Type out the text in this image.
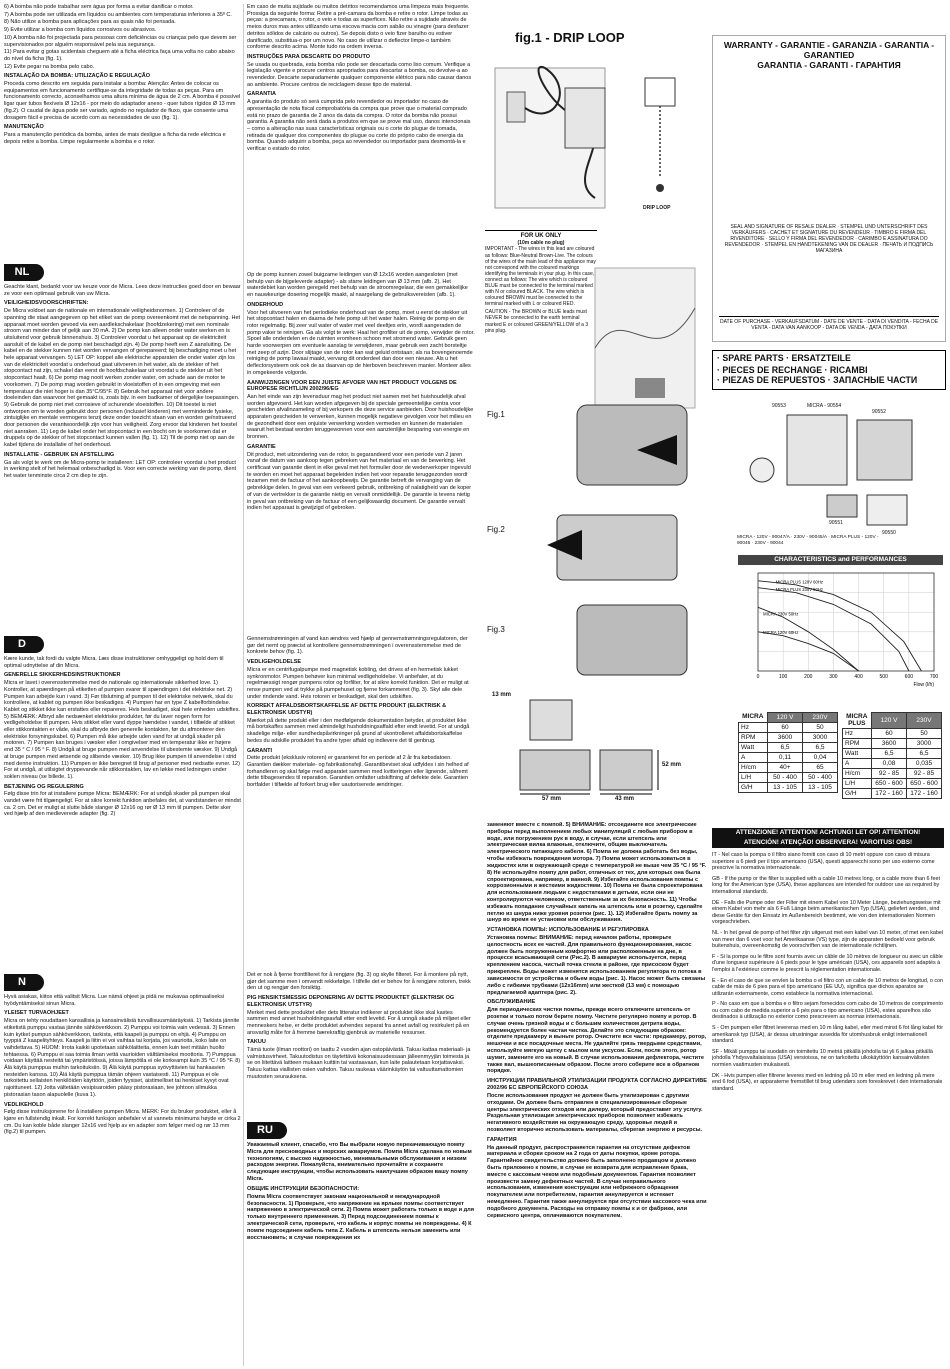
6) A bomba não pode trabalhar sem água por forma a evitar danificar o motor.
7) A bomba pode ser utilizada em líquidos ou ambientes com temperaturas inferiores a 35º C.
8) Não utilize a bomba para aplicações para as quais não foi pensada.
9) Evite utilizar a bomba com líquidos corrosivos ou abrasivos.
10) A bomba não foi projectada para pessoas com deficiências ou crianças pelo que devem ser supervisionados por alguém responsável pela sua segurança.
11) Para evitar g gotas acidentais cheguem até a ficha eléctrica faça uma volta no cabo abaixo do nível da ficha (fig. 1).
12) Evite pegar na bomba pelo cabo.
INSTALAÇÃO DA BOMBA: UTILIZAÇÃO E REGULAÇÃO
Proceda como descrito em seguida para instalar a bomba: Atenção: Antes de colocar os equipamentos em funcionamento certifique-se da integridade de todas as peças. Para um funcionamento correcto, aconselhamos uma altura mínima de água de 2 cm. A bomba é possível ligar quer tubos flexíveis Ø 12x16 - por meio do adaptador anexo - quer tubos rígidos Ø 13 mm (fig.2). O caudal de água pode ser variado, agindo no regulador de fluxo, que consente uma dosagem fácil e precisa de acordo com as necessidades de uso (fig. 1).
MANUTENÇÃO
Para a manutenção periódica da bomba, antes de mais desligue a ficha da rede eléctrica e depois retire a bomba. Limpe regularmente a bomba e o rotor.
NL
Geachte klant, bedankt voor uw keuze voor de Micra. Lees deze instructies goed door en bewaar ze voor een optimaal gebruik van uw Micra.
VEILIGHEIDSVOORSCHRIFTEN:
De Micra voldoet aan de nationale en internationale veiligheidsnormen. 1) Controleer of de spanning die staat aangegeven op het etiket van de pomp overeenkomt met de netspanning. Het apparaat moet worden gevoed via een aardlekschakelaar (hoofdzekering) met een nominale stroom van minder dan of gelijk aan 30 mA. 2) De pomp kan alleen onder water werken en is uitsluitend voor gebruik binnenshuis. 3) Controleer voordat u het apparaat op de elektriciteit aansluit of de kabel en de pomp niet beschadigd zijn. 4) De pomp heeft een Z aansluiting. De kabel en de stekker kunnen niet worden vervangen of gerepareerd; bij beschadiging moet u het hele apparaat vervangen. 5) LET OP: koppel alle elektrische apparaten die onder water zijn los van de elektriciteit voordat u onderhoud gaat uitvoeren in het water, als de stekker of het stopcontact nat zijn, schakel dan eerst de hoofdschakelaar uit voordat u de stekker uit het stopcontact haalt. 6) De pomp mag nooit werken zonder water, om schade aan de motor te voorkomen. 7) De pomp mag worden gebruikt in vloeistoffen of in een omgeving met een temperatuur die niet hoger is dan 35°C/95°F. 8) Gebruik het apparaat niet voor andere doeleinden dan waarvoor het gemaakt is, zoals bijv. in een badkamer of dergelijke toepassingen. 9) Gebruik de pomp niet met corrosieve of schurende vloeistoffen. 10) Dit toestel is niet ontworpen om te worden gebruikt door personen (inclusief kinderen) met verminderde fysieke, zintuiglijke en mentale vermogens tenzij deze onder toezicht staan van en worden geïnstrueerd door personen die verantwoordelijk zijn voor hun veiligheid. Zorg ervoor dat kinderen het toestel niet aanraken. 11) Leg de kabel onder het stopcontact in een bocht om te voorkomen dat er druppels op de stekker of het stopcontact kunnen vallen (fig. 1). 12) Til de pomp niet op aan de kabel tijdens de installatie of het onderhoud.
INSTALLATIE - GEBRUIK EN AFSTELLING
Ga als volgt te werk om de Micra-pomp te installeren: LET OP: controleer voordat u het product in werking stelt of het helemaal onbeschadigd is. Voor een correcte werking van de pomp, dient het water tenminste circa 2 cm diep te zijn.
D
Kære kunde, tak fordi du valgte Micra. Læs disse instruktioner omhyggeligt og hold dem til optimal udnyttelse af din Micra.
GENERELLE SIKKERHEDSINSTRUKTIONER
Micra er lavet i overensstemmelse med de nationale og internationale sikkerhed love. 1) Kontroller, at spændingen på etiketten af pumpen svarer til spændingen i det elektriske net. 2) Pumpen kan arbejde kun i vand. 3) Før tilslutning af pumpen til det elektriske netværk, skal du kontrollere, at kablet og pumpen ikke beskadiges. 4) Pumpen har en type Z kabelforbindelse. Kablet og stikket ikke kan erstattes eller repareres. Hvis beskadiget, skal hele enheden udskiftes. 5) BEMÆRK: Afbryd alle nedsænket elektriske produkter, før du laver nogen form for vedligeholdelse til pumpen. Hvis stikket eller vand dyppe hændelse i vandet, i tilfælde af stikket eller stikkontakten er våde, skal du afbryde den generelle kontakten, før du afmonterer den elektriske forsyningskabel. 6) Pumpen må ikke arbejde uden vand for at undgå skader på motoren. 7) Pumpen kan bruges i væsker eller i omgivelser med en temperatur ikke er højere end 35 ° C / 95 ° F. 8) Undgå at bruge pumpen med anvendelse til ubestemte væsker. 9) Undgå at bruge pumpen med ætsende og slibende væsker. 10) Brug ikke pumpen til anvendelse i strid med denne instruktion. 11) Pumpen er ikke beregnet til brug af personer med nedsatte evner. 12) For at undgå, at utilsigtet dryppevande når stikkontakten, lav en løkke med ledningen under soklen niveau (se billede. 1).
BETJENING OG REGULERING
Følg disse trin for at installere pumpe Micra: BEMÆRK: For at undgå skader på pumpen skal vandet være frit tilgængeligt. For at sikre korrekt funktion anbefales det, at vandstanden er mindst ca. 2 cm. Det er muligt at slutte både slanger Ø 12x16 og rør Ø 13 mm til pumpen. Dette sker ved hjælp af den medleverede adapter (fig. 2)
N
Hyvä asiakas, kiitos että valitsit Micra. Lue nämä ohjeet ja pidä ne mukavaa optimaaliseksi hyödyntämiseksi sinun Micra.
YLEISET TURVAOHJEET
Micra on tehty noudattaen kansallisia ja kansainvälisiä turvallisuusmääräyksiä. 1) Tarkista jännite etiketistä pumppu vastaa jännite sähköverkkoon. 2) Pumppu voi toimia vain vedessä. 3) Ennen kuin kytket pumpun sähköverkkoon, tarkista, että kaapeli ja pumppu on ehjä. 4) Pumppu on tyyppiä Z kaapelityhteys. Kaapeli ja liitin ei voi vaihtaa tai korjata, jos vaurioita, koko laite on vaihdettava. 5) HUOM: Irrota kaikki upotetaan sähkölaitteita, ennen kuin teet mitään huolto tehtaessa. 6) Pumppu ei saa toimia ilman vettä vaurioiden välttämiseksi moottoria. 7) Pumppua voidaan käyttää nesteitä tai ympäristöissä, joissa lämpötila ei ole korkeampi kuin 35 °C / 95 °F. 8) Älä käytä pumppua muihin tarkoituksiin. 9) Älä käytä pumppua syövyttävien tai hankaavien nesteiden kanssa. 10) Älä käytä pumppua tämän ohjeen vastaisesti. 11) Pumppua ei ole tarkoitettu sellaisten henkilöiden käyttöön, joiden fyysiset, aistimelliset tai henkiset kyvyt ovat rajoittuneet. 12) Jotta vältetään vesipisaroiden pääsy pistorasiaan, tee johtoon silmukka pistorasian tason alapuolelle (kuva 1).
VEDLIKEHOLD
Følg disse instruksjonene for å installere pumpen Micra. MERK: For du bruker produktet, eller å kjøre en fullstendig inkalt. For korrekt funksjon anbefaler vi at vannets minimums høyde er cirka 2 cm. Du kan koble både slanger 12x16 ved hjelp av en adapter som følger med og rør 13 mm (fig.2) til pumpen.
Em caso de muita sujidade ou muitos detritos recomendamos uma limpeza mais frequente. Prossiga da seguinte forma: Retire a pré-camara da bomba e retire o rotor. Limpe todas as peças: a precamara, o rotor, o veio e todas as superfices. Não retire a sujidade através de meios duros mas antes utilizando uma escova macia com sabão ou vinagre (para desfazer detritos sólidos de calcário ou outros). Se depois disto o veio fizer barulho ou estiver danificado, substitua-o por um novo. No caso de utilizar o deflector limpe-o também conforme descrito acima. Monte tudo na ordem inversa.
INSTRUÇÕES PARA DESCARTE DO PRODUTO
Se usada ou quebrada, esta bomba não pode ser descartada como lixo comum. Verifique a legislação vigente e procure centros apropriados para descartar a bomba, ou devolve-a ao revendedor. Descarte separadamente qualquer componente elétrico para não causar danos ao ambiente. Procure centros de reciclagem desse tipo de material.
GARANTIA
A garantia do produto só será cumprida pelo revendedor ou importador no caso de apresentação de nota fiscal comprobatória da compra que prove que o material comprado está no prazo de garantia de 2 anos da data da compra. O rotor da bomba não possui garantia. A garantia não será dada a produtos em que se prove mal uso, danos intencionais – como a alteração nas suas características originais ou o corte do plugue de tomada, retirada de qualquer dos componentes do plugue ou corte do próprio cabo de energia da bomba. Quando adquirir a bomba, peça ao revendedor ou importador para desmontá-la e verificar o estado do rotor.
Op de pomp kunnen zowel buigzame leidingen van Ø 12x16 worden aangesloten (met behulp van de bijgeleverde adapter) - als starre leidingen van Ø 13 mm (afb. 2). Het waterdebiet kan worden geregeld met behulp van de stroomregelaar, die een gemakkelijke en nauwkeurige dosering mogelijk maakt, al naargelang de gebruiksvereisten (afb. 1).
ONDERHOUD
Voor het uitvoeren van het periodieke onderhoud van de pomp, moet u eerst de stekker uit het stopcontact halen en daarna de hele pomp uit het water halen. Reinig de pomp en de rotor regelmatig. Bij zeer vuil water of water met veel deeltjes erin, wordt aangeraden de pomp vaker te reinigen. Ga als volgt te werk: Haal het grofilter uit de pomp, verwijder de rotor. Spoel alle onderdelen en de ruimten eromheen schoon met stromend water. Gebruik geen harde voorwerpen om eventuele aanslag te verwijderen, maar gebruik een zacht borsteltje met zeep of azijn. Door slijtage van de rotor kan wat geluid ontstaan; als na bovengenoemde reiniging de pomp lawaai maakt, vervang dit onderdeel dan door een nieuwe. Als u het deflectorsysteem ook ook de as daarvan op de hierboven beschreven manier. Monteer alles in omgekeerde volgorde.
AANWIJZINGEN VOOR EEN JUISTE AFVOER VAN HET PRODUCT VOLGENS DE EUROPESE RICHTLIJN 2002/96/EG
Aan het einde van zijn levensduur mag het product niet samen met het huishoudelijk afval worden afgevoerd. Het kan worden afgegeven bij de speciale gemeentelijke centra voor gescheiden afvalinzameling of bij verkopers die deze service aanbieden. Door huishoudelijke apparaten gescheiden te verwerken, kunnen mogelijk negatieve gevolgen voor het milieu en de gezondheid door een onjuiste verwerking worden vermeden en kunnen de materialen waaruit het bestaat worden teruggewonnen voor een aanzienlijke besparing van energie en bronnen.
GARANTIE
Dit product, met uitzondering van de rotor, is gegarandeerd voor een periode van 2 jaren vanaf de datum van aankoop tegen gebreken van het materiaal en van de bewerking. Het certificaat van garantie dient in elke geval met het formulier door de wederverkoper ingevuld te worden en moet het apparaat begeleiden indien het voor reparatie teruggezonden wordt tezamen met de factuur of het aankoopbewijs. De garantie betreft de vervanging van de gebrekkige delen. In geval van een verkeerd gebruik, ontbreking of nalatigheid van de koper of van de vertrekker is de garantie nietig en vervalt onmiddellijk. De garantie is tevens nietig in geval van ontbreking van de factuur of een gelijkwaardig document. De garantie vervalt indien het apparaat is gewijzigd of gebroken.
Gennemstrømningen af vand kan ændres ved hjælp af gennemstrømningsregulatoren, der gør det nemt og præcist at kontrollere gennemstrømningen i overensstemmelse med de konkrete behov (fig. 1).
VEDLIGEHOLDELSE
Micra er en centrifugalpumpe med magnetisk kobling, det drives af en hermetisk lukket synkronmotor. Pumpen behøver kun minimal vedligeholdelse. Vi anbefaler, at du regelmæssigt rengør pumpens rotor og forfilter, for at sikre korrekt funktion. Det er muligt at rense pumpen ved at trykke på pumpehuset og fjerne forkammeret (fig. 3). Skyl alle dele under rindende vand. Hvis rotoren er beskadiget, skal den udskiftes.
KORREKT AFFALDSBORTSKAFFELSE AF DETTE PRODUKT (ELEKTRISK & ELEKTRONISK UDSTYR)
Mærket på dette produkt eller i den medfølgende dokumentation betyder, at produktet ikke må bortskaffes sammen med almindeligt husholdningsaffald efter endt levetid. For at undgå skadelige miljø- eller sundhedspåvirkninger på grund af ukontrolleret affaldsbortskaffelse bedes du adskille produktet fra andre typer affald og indlevere det til genbrug.
GARANTI
Dette produkt (eksklusiv rotoren) er garanteret for en periode af 2 år fra købsdatoen. Garantien dækker materiale- og fabrikationsfejl. Garantibeviset skal udfyldes i sin helhed af forhandleren og skal følge med apparatet sammen med kvitteringen eller lignende, såfremt dette tilbagesendes til reparation. Garantien omfatter udskiftning af defekte dele. Garantien bortfalder i tilfælde af forkert brug eller uautoriserede ændringer.
Det er nok å fjerne frontfilteret for å rengjøre (fig. 3) og skylle filteret. For å montere på nytt, gjør det samme men i omvendt rekkefølge. I tilfelle det er behov for å rengjøre rotoren, trekk den ut og rengjør den forsiktig.
PIG HENSIKTSMESSIG DEPONERING AV DETTE PRODUKTET (ELEKTRISK OG ELEKTRONISK UTSTYR)
Merket med dette produktet eller dets litteratur indikerer at produktet ikke skal kastes sammen med annet husholdningsavfall etter endt levetid. For å unngå skade på miljøet eller menneskers helse, er dette produktet avhendes separat fra annet avfall og resirkulert på en ansvarlig måte for å fremme bærekraftig gjenbruk av materielle ressurser.
TAKUU
Tämä tuote (ilman roottori) on taattu 2 vuoden ajan ostopäivästä. Takuu kattaa materiaali- ja valmistusvirheet. Takuutodistus on täytettävä kokonaisuudessaan jälleenmyyjän toimesta ja se on liitettävä laitteen mukaan kuittiin tai vastaavaan, kun laite palautetaan korjattavaksi. Takuu kattaa viallisten osien vaihdon. Takuu raukeaa väärinkäytön tai valtuuttamattomien muutosten seurauksena.
RU
Уважаемый клиент, спасибо, что Вы выбрали новую перекачивающую помпу Micra для пресноводных и морских аквариумов. Помпа Micra сделана по новым технологиям, с высоко надежностью, минимальными обслуживания и низким расходом энергии. Пожалуйста, внимательно прочитайте и сохраните следующие инструкции, чтобы использовать наилучшим образом вашу помпу Micra.
ОБЩИЕ ИНСТРУКЦИИ БЕЗОПАСНОСТИ:
Помпа Micra соответствует законам национальной и международной безопасности. 1) Проверьте, что напряжение на ярлыке помпы соответствует напряжению в электрической сети. 2) Помпа может работать только в воде и для только внутреннего применения. 3) Перед подсоединением помпы к электрической сети, проверьте, что кабель и корпус помпы не повреждены. 4) К помпе подсоединен кабель типа Z. Кабель и штепсель нельзя заменить или восстановить; в случае повреждения их
fig.1 - DRIP LOOP
DRIP LOOP
FOR UK ONLY
(10m cable no plug)
IMPORTANT - The wires in this lead are coloured as follows: Blue-Neutral Brown-Live. The colours of the wires of the main lead of this appliance may not correspond with the coloured markings identifying the terminals in your plug. In this case, connect as follows: The wire which is coloured BLUE must be connected to the terminal marked with N or coloured BLACK. The wire which is coloured BROWN must be connected to the terminal marked with L or coloured RED.
CAUTION - The BROWN or BLUE leads must NEVER be connected to the earth terminal marked E or coloured GREEN/YELLOW of a 3 pins plug.
WARRANTY - GARANTIE - GARANZIA - GARANTIA - GARANTIED
GARANTIA - GARANTI - ГАРАНТИЯ
SEAL AND SIGNATURE OF RESALE DEALER · STEMPEL UND UNTERSCHRIFT DES VERKÄUFERS · CACHET ET SIGNATURE DU REVENDEUR · TIMBRO E FIRMA DEL RIVENDITORE · SELLO Y FIRMA DEL REVENDEDOR · CARIMBO E ASSINATURA DO REVENDEDOR · STEMPEL EN HANDTEKENING VAN DE DEALER · ПЕЧАТЬ И ПОДПИСЬ МАГАЗИНА
DATE OF PURCHASE - VERKAUFSDATUM - DATE DE VENTE - DATA DI VENDITA - FECHA DE VENTA - DATA VAN AANKOOP - DATA DE VENDA - ДАТА ПОКУПКИ
· SPARE PARTS · ERSATZTEILE
· PIECES DE RECHANGE · RICAMBI
· PIEZAS DE REPUESTOS · ЗАПАСНЫЕ ЧАСТИ
Fig.1
Fig.2
Fig.3
90553	MICRA - 90554
90552
90551
90550
MICRA - 120V - 90047/A · 230V - 90045/A · MICRA PLUS - 120V - 90046 · 230V - 90044
CHARACTERISTICS and PERFORMANCES
0	100	200	300	400	500	600	700
Flow (l/h)
MICRA PLUS 120V 60Hz
MICRA PLUS 230V 50Hz
MICRA 120V 60Hz
MICRA 230V 50Hz
13 mm
52 mm
57 mm	43 mm
MICRA	120 V	230V
Hz	60	50
RPM	3600	3000
Watt	6,5	6,5
A	0,11	0,04
H/cm	40+	65
L/H	50 - 400	50 - 400
G/H	13 - 105	13 - 105
MICRA PLUS	120 V	230V
Hz	60	50
RPM	3600	3000
Watt	6,5	6,5
A	0,08	0,035
H/cm	92 - 85	92 - 85
L/H	650 - 600	650 - 600
G/H	172 - 160	172 - 160
заменяют вместе с помпой. 5) ВНИМАНИЕ: отсоедините все электрические приборы перед выполнением любых манипуляций с любым прибором в воде, или погружением рук в воду, в случае, если штепсель или электрическая вилка влажные, отключите, общим выключатель электрического питающего кабеля. 6) Помпа не должна работать без воды, чтобы избежать повреждения мотора. 7) Помпа может использоваться в жидкостях или в окружающей среде с температурой не выше чем 35 °C / 95 °F. 8) Не используйте помпу для работ, отличных от тех, для которых она была спроектирована, например, в ванной. 9) Избегайте использования помпы с коррозионными и жесткими жидкостями. 10) Помпа не была спроектирована для использования людьми с недостатками в детьми, если они не контролируются человеком, ответственным за их безопасность. 11) Чтобы избежать попадание случайных капель на штепсель или в розетку, сделайте петлю из шнура ниже уровня розетки (рис. 1). 12) Избегайте брать помпу за шнур во время ее установки или обслуживания.
УСТАНОВКА ПОМПЫ: ИСПОЛЬЗОВАНИЕ И РЕГУЛИРОВКА
Установка помпы: ВНИМАНИЕ: перед началом работы, проверьте целостность всех ее частей. Для правильного функционирования, насос должен быть погруженным комфортно или расположенным на дне, в процессе всасывающей сети (Рис.2). В аквариуме используется, перед креплением насоса, чистый точка стекла в районе, где присоском будет прикреплен. Воды может изменятся использованием регулятора го потока в зависимости от устройства и обьем воды (рис. 1). Насос может быть связаны либо с гибкими трубками (12x16mm) или жесткой (13 мм) с помощью предлагаемой адаптера (рис. 2).
ОБСЛУЖИВАНИЕ
Для периодических чистки помпы, прежде всего отключите штепсель от розетки и только потом берите помпу. Чистите регулярно помпу и ротор. В случае очень грязной воды и с большим количеством детрита воды, рекомендуется более частая чистка. Делайте это следующим образом: отделите предкамеру и выньте ротор. Очистите все части: предкамеру, ротор, мешочки и все посадочные места. Не удаляйте грязь твердыми средствами, используйте мягкую щетку с мылом или уксусом. Если, после этого, ротор шумит, замените его на новый. В случае использования дефлектора, чистите также вал, вышеописанным образом. После этого соберите все в обратном порядке.
ИНСТРУКЦИИ ПРАВИЛЬНОЙ УТИЛИЗАЦИИ ПРОДУКТА СОГЛАСНО ДИРЕКТИВЕ 2002/96 ЕС ЕВРОПЕЙСКОГО СОЮЗА
После использования продукт не должен быть утилизирован с другими отходами. Он должен быть отправлен в специализированные сборные центры электрических отходов или дилеру, который предоставит эту услугу. Раздельная утилизация электрических приборов позволяет избежать негативного воздействия на окружающую среду, здоровье людей и позволяет вторично использовать материалы, сберегая энергию и ресурсы.
ГАРАНТИЯ
На данный продукт, распространяется гарантия на отсутствие дефектов материала и сборки сроком на 2 года от даты покупки, кроме ротора. Гарантийное свидетельство должно быть заполнено продавцом и должно быть приложено к помпе, в случае ее возврата для исправления брака, вместе с кассовым чеком или подобным документом. Гарантия позволяет произвести замену дефектных частей. В случае неправильного использования, изменения конструкции или небрежного обращения покупателем или потребителем, гарантия аннулируется и истекает немедленно. Гарантия также аннулируется при отсутствии кассового чека или подобного документа. Расходы на отправку помпы к и от фабрики, или сервисного центра, оплачиваются покупателем.
ATTENZIONE! ATTENTION! ACHTUNG! LET OP! ATTENTION!
ATENCIÓN! ATENÇÃO! OBSERVERA! VAROITUS! OBS!
IT - Nel caso la pompa o il filtro siano forniti con cavo di 10 metri oppure con cavo di misura superiore a 6 piedi per il tipo americano (USA), questi apparecchi sono per uso esterno come prescrive la normativa internazionale.
GB - If the pump or the filter is supplied with a cable 10 metres long, or a cable more than 6 feet long for the American type (USA), these appliances are intended for outdoor use as required by international standards.
DE - Falls die Pumpe oder der Filter mit einem Kabel von 10 Meter Länge, beziehungsweise mit einem Kabel von mehr als 6 Fuß Länge beim amerikanischen Typ (USA), geliefert werden, sind diese Geräte für den Einsatz im Außenbereich bestimmt, wie von den internationalen Normen vorgeschrieben.
NL - In het geval de pomp of het filter zijn uitgerust met een kabel van 10 meter, of met een kabel van meer dan 6 voet voor het Amerikaanse (VS) type, zijn de apparaten bedoeld voor gebruik buitenshuis, overeenkomstig de voorschriften van de internationale richtlijnen.
F - Si la pompe ou le filtre sont fournis avec un câble de 10 mètres de longueur ou avec un câble d'une longueur supérieure à 6 pieds pour le type américain (USA), ces appareils sont adaptés à l'emploi à l'extérieur comme le prescrit la réglementation internationale.
E - En el caso de que se envíen la bomba o el filtro con un cable de 10 metros de longitud, o con cable de más de 6 pies para el tipo americano (EE UU), significa que dichos aparatos se utilizarán externamente, como establece la normativa internacional.
P - No caso em que a bomba e o filtro sejam fornecidos com cabo de 10 metros de comprimento ou com cabo de medida superior a 6 pés para o tipo americano (USA), estes aparelhos são destinados à utilização no exterior como prescrevem as normas internacionais.
S - Om pumpen eller filtret levereras med en 10 m lång kabel, eller med minst 6 fot lång kabel för amerikansk typ (USA), är dessa utrustningar avsedda för utomhusbruk enligt internationell standard.
SF - Mikäli pumppu tai suodatin on toimitettu 10 metriä pitkällä johdolla tai yli 6 jalkaa pitkällä johdolla Yhdysvaltalaisissa (USA) versioissa, ne on tarkoitettu ulkokäyttöön kansainvälisten normien vaatimusten mukaisesti.
DK - Hvis pumpen eller filtrene leveres med en ledning på 10 m eller med en ledning på mere end 6 fod (USA), er apparaterne fremstillet til brug udendørs som foreskrevet i den internationale standard.
